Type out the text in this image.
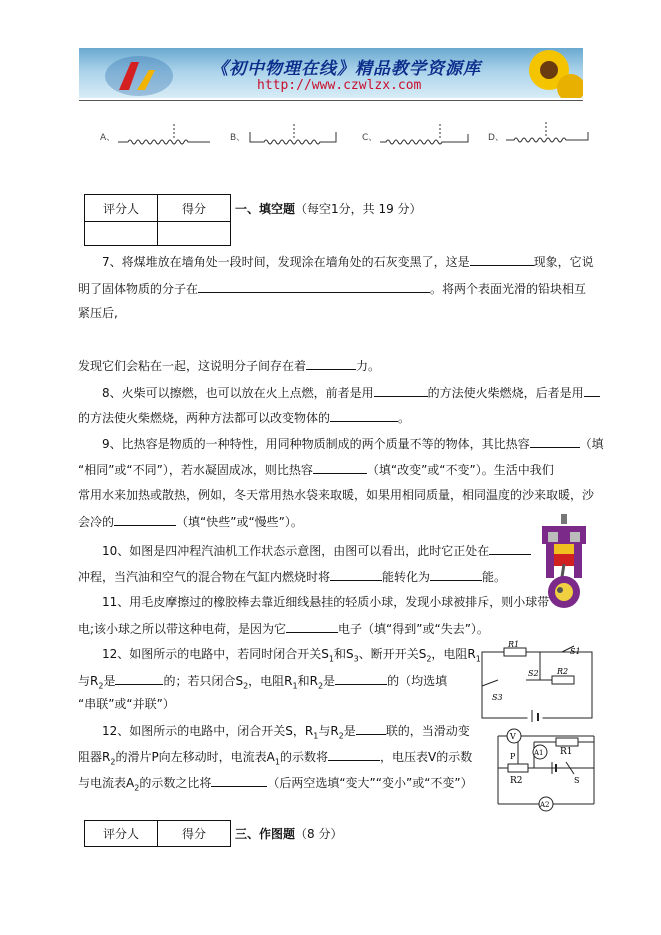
《初中物理在线》精品教学资源库
http://www.czwlzx.com
A、	B、	C、	D、
评分人	得分
	一、填空题（每空1分，共 19 分）
7、将煤堆放在墙角处一段时间，发现涂在墙角处的石灰变黑了，这是	现象，它说
明了固体物质的分子在	。将两个表面光滑的铅块相互
紧压后,
发现它们会粘在一起，这说明分子间存在着	力。
8、火柴可以擦燃，也可以放在火上点燃，前者是用	的方法使火柴燃烧，后者是用
的方法使火柴燃烧，两种方法都可以改变物体的	。
9、比热容是物质的一种特性，用同种物质制成的两个质量不等的物体，其比热容	（填
“相同”或“不同”），若水凝固成冰，则比热容	（填“改变”或“不变”）。生活中我们
常用水来加热或散热，例如，冬天常用热水袋来取暖，如果用相同质量，相同温度的沙来取暖，沙
会冷的	（填“快些”或“慢些”）。
10、如图是四冲程汽油机工作状态示意图，由图可以看出，此时它正处在
冲程，当汽油和空气的混合物在气缸内燃烧时将	能转化为	能。
11、用毛皮摩擦过的橡胶棒去靠近细线悬挂的轻质小球，发现小球被排斥，则小球带
电;该小球之所以带这种电荷，是因为它	电子（填“得到”或“失去”）。
12、如图所示的电路中，若同时闭合开关$S_1$和$S_3$、断开开关$S_2$，电阻$R_1$
与$R_2$是	的；若只闭合$S_2$，电阻$R_1$和$R_2$是	的（均选填
“串联”或“并联”）
R1
R2
S1
S2
S3
12、如图所示的电路中，闭合开关S，$R_1$与$R_2$是	联的，当滑动变
阻器$R_2$的滑片P向左移动时，电流表$A_1$的示数将	，电压表V的示数
与电流表$A_2$的示数之比将	（后两空选填“变大”“变小”或“不变”）
V
A1
A2
R1
R2
P
S
评分人	得分 三、作图题（8 分）
